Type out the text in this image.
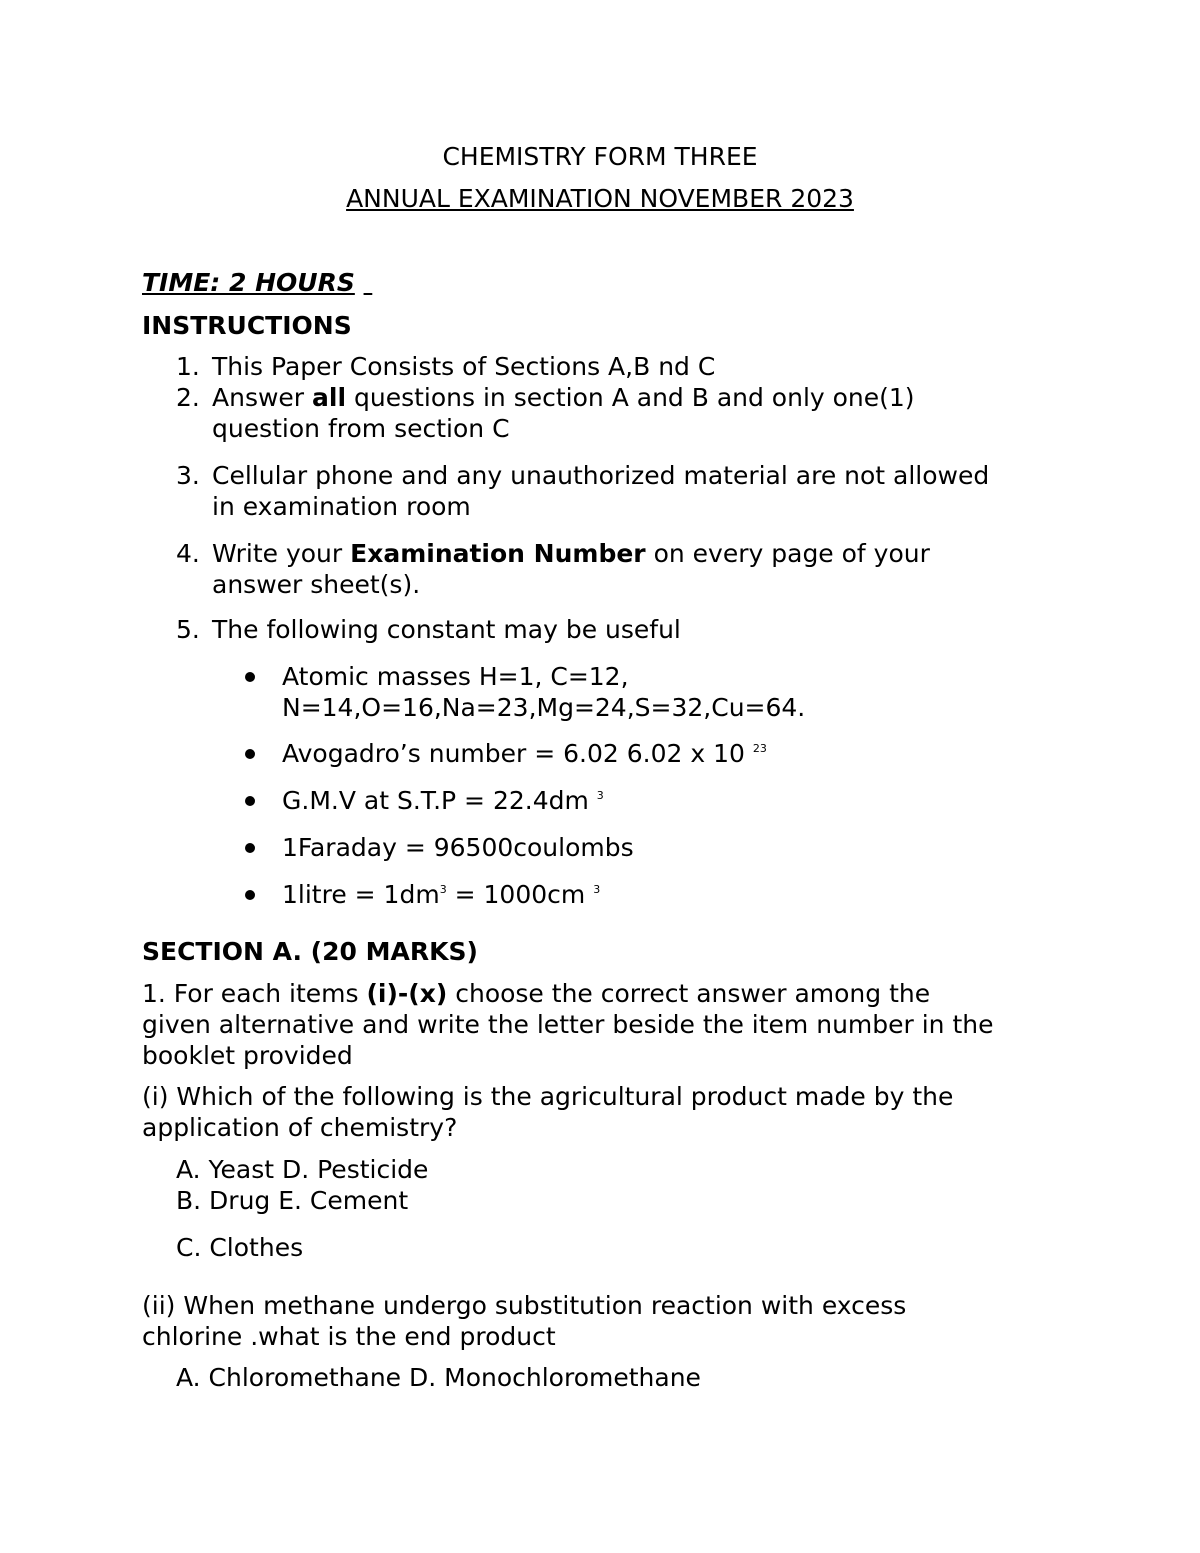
CHEMISTRY FORM THREE
ANNUAL EXAMINATION NOVEMBER 2023
TIME: 2 HOURS
INSTRUCTIONS
1. This Paper Consists of Sections A,B nd C
2. Answer all questions in section A and B and only one(1)
question from section C
3. Cellular phone and any unauthorized material are not allowed
in examination room
4. Write your Examination Number on every page of your
answer sheet(s).
5. The following constant may be useful
Atomic masses H=1, C=12,
N=14,O=16,Na=23,Mg=24,S=32,Cu=64.
Avogadro’s number = 6.02 6.02 x 10 $^{23}$
G.M.V at S.T.P = 22.4dm $^3$
1Faraday = 96500coulombs
1litre = $1dm^3 = 1000cm$ $^3$
SECTION A. (20 MARKS)
1. For each items (i)-(x) choose the correct answer among the
given alternative and write the letter beside the item number in the
booklet provided
(i) Which of the following is the agricultural product made by the
application of chemistry?
A. Yeast D. Pesticide
B. Drug E. Cement
C. Clothes
(ii) When methane undergo substitution reaction with excess
chlorine .what is the end product
A. Chloromethane D. Monochloromethane
